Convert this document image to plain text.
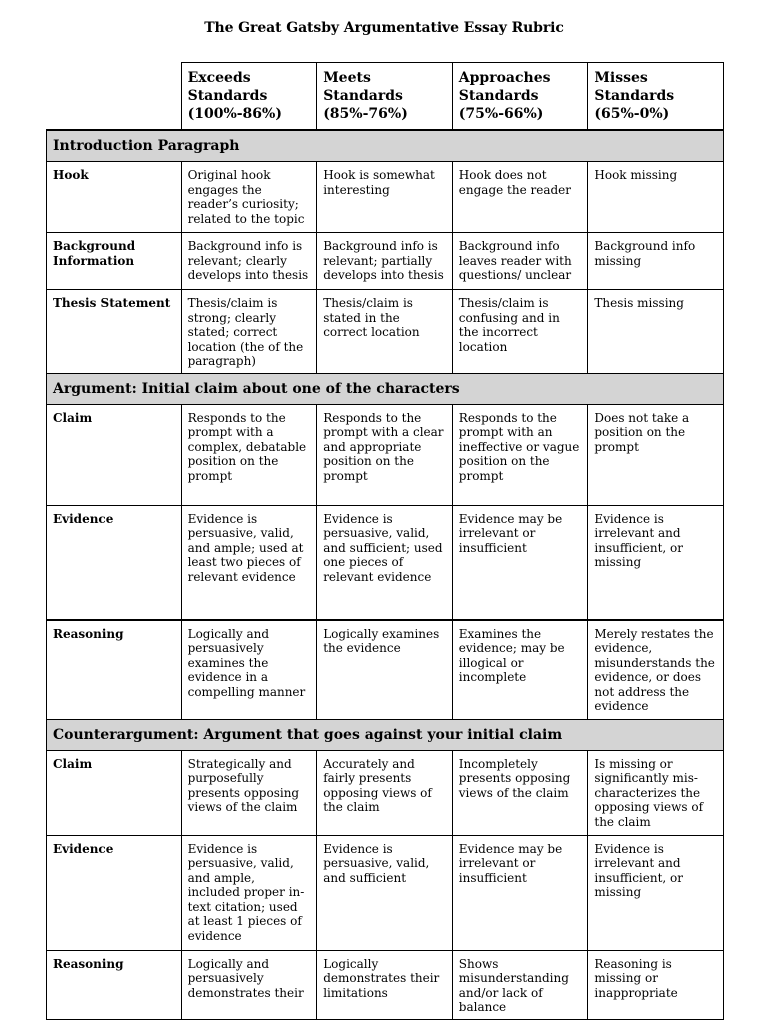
The Great Gatsby Argumentative Essay Rubric
	Exceeds Standards (100%-86%)	Meets Standards (85%-76%)	Approaches Standards (75%-66%)	Misses Standards (65%-0%)
Introduction Paragraph				
Hook	Original hook engages the reader’s curiosity; related to the topic	Hook is somewhat interesting	Hook does not engage the reader	Hook missing
Background Information	Background info is relevant; clearly develops into thesis	Background info is relevant; partially develops into thesis	Background info leaves reader with questions/ unclear	Background info missing
Thesis Statement	Thesis/claim is strong; clearly stated; correct location (the of the paragraph)	Thesis/claim is stated in the correct location	Thesis/claim is confusing and in the incorrect location	Thesis missing
Argument: Initial claim about one of the characters				
Claim	Responds to the prompt with a complex, debatable position on the prompt	Responds to the prompt with a clear and appropriate position on the prompt	Responds to the prompt with an ineffective or vague position on the prompt	Does not take a position on the prompt
Evidence	Evidence is persuasive, valid, and ample; used at least two pieces of relevant evidence	Evidence is persuasive, valid, and sufficient; used one pieces of relevant evidence	Evidence may be irrelevant or insufficient	Evidence is irrelevant and insufficient, or missing
Reasoning	Logically and persuasively examines the evidence in a compelling manner	Logically examines the evidence	Examines the evidence; may be illogical or incomplete	Merely restates the evidence, misunderstands the evidence, or does not address the evidence
Counterargument: Argument that goes against your initial claim				
Claim	Strategically and purposefully presents opposing views of the claim	Accurately and fairly presents opposing views of the claim	Incompletely presents opposing views of the claim	Is missing or significantly mis-characterizes the opposing views of the claim
Evidence	Evidence is persuasive, valid, and ample, included proper in-text citation; used at least 1 pieces of evidence	Evidence is persuasive, valid, and sufficient	Evidence may be irrelevant or insufficient	Evidence is irrelevant and insufficient, or missing
Reasoning	Logically and persuasively demonstrates their	Logically demonstrates their limitations	Shows misunderstanding and/or lack of balance	Reasoning is missing or inappropriate
